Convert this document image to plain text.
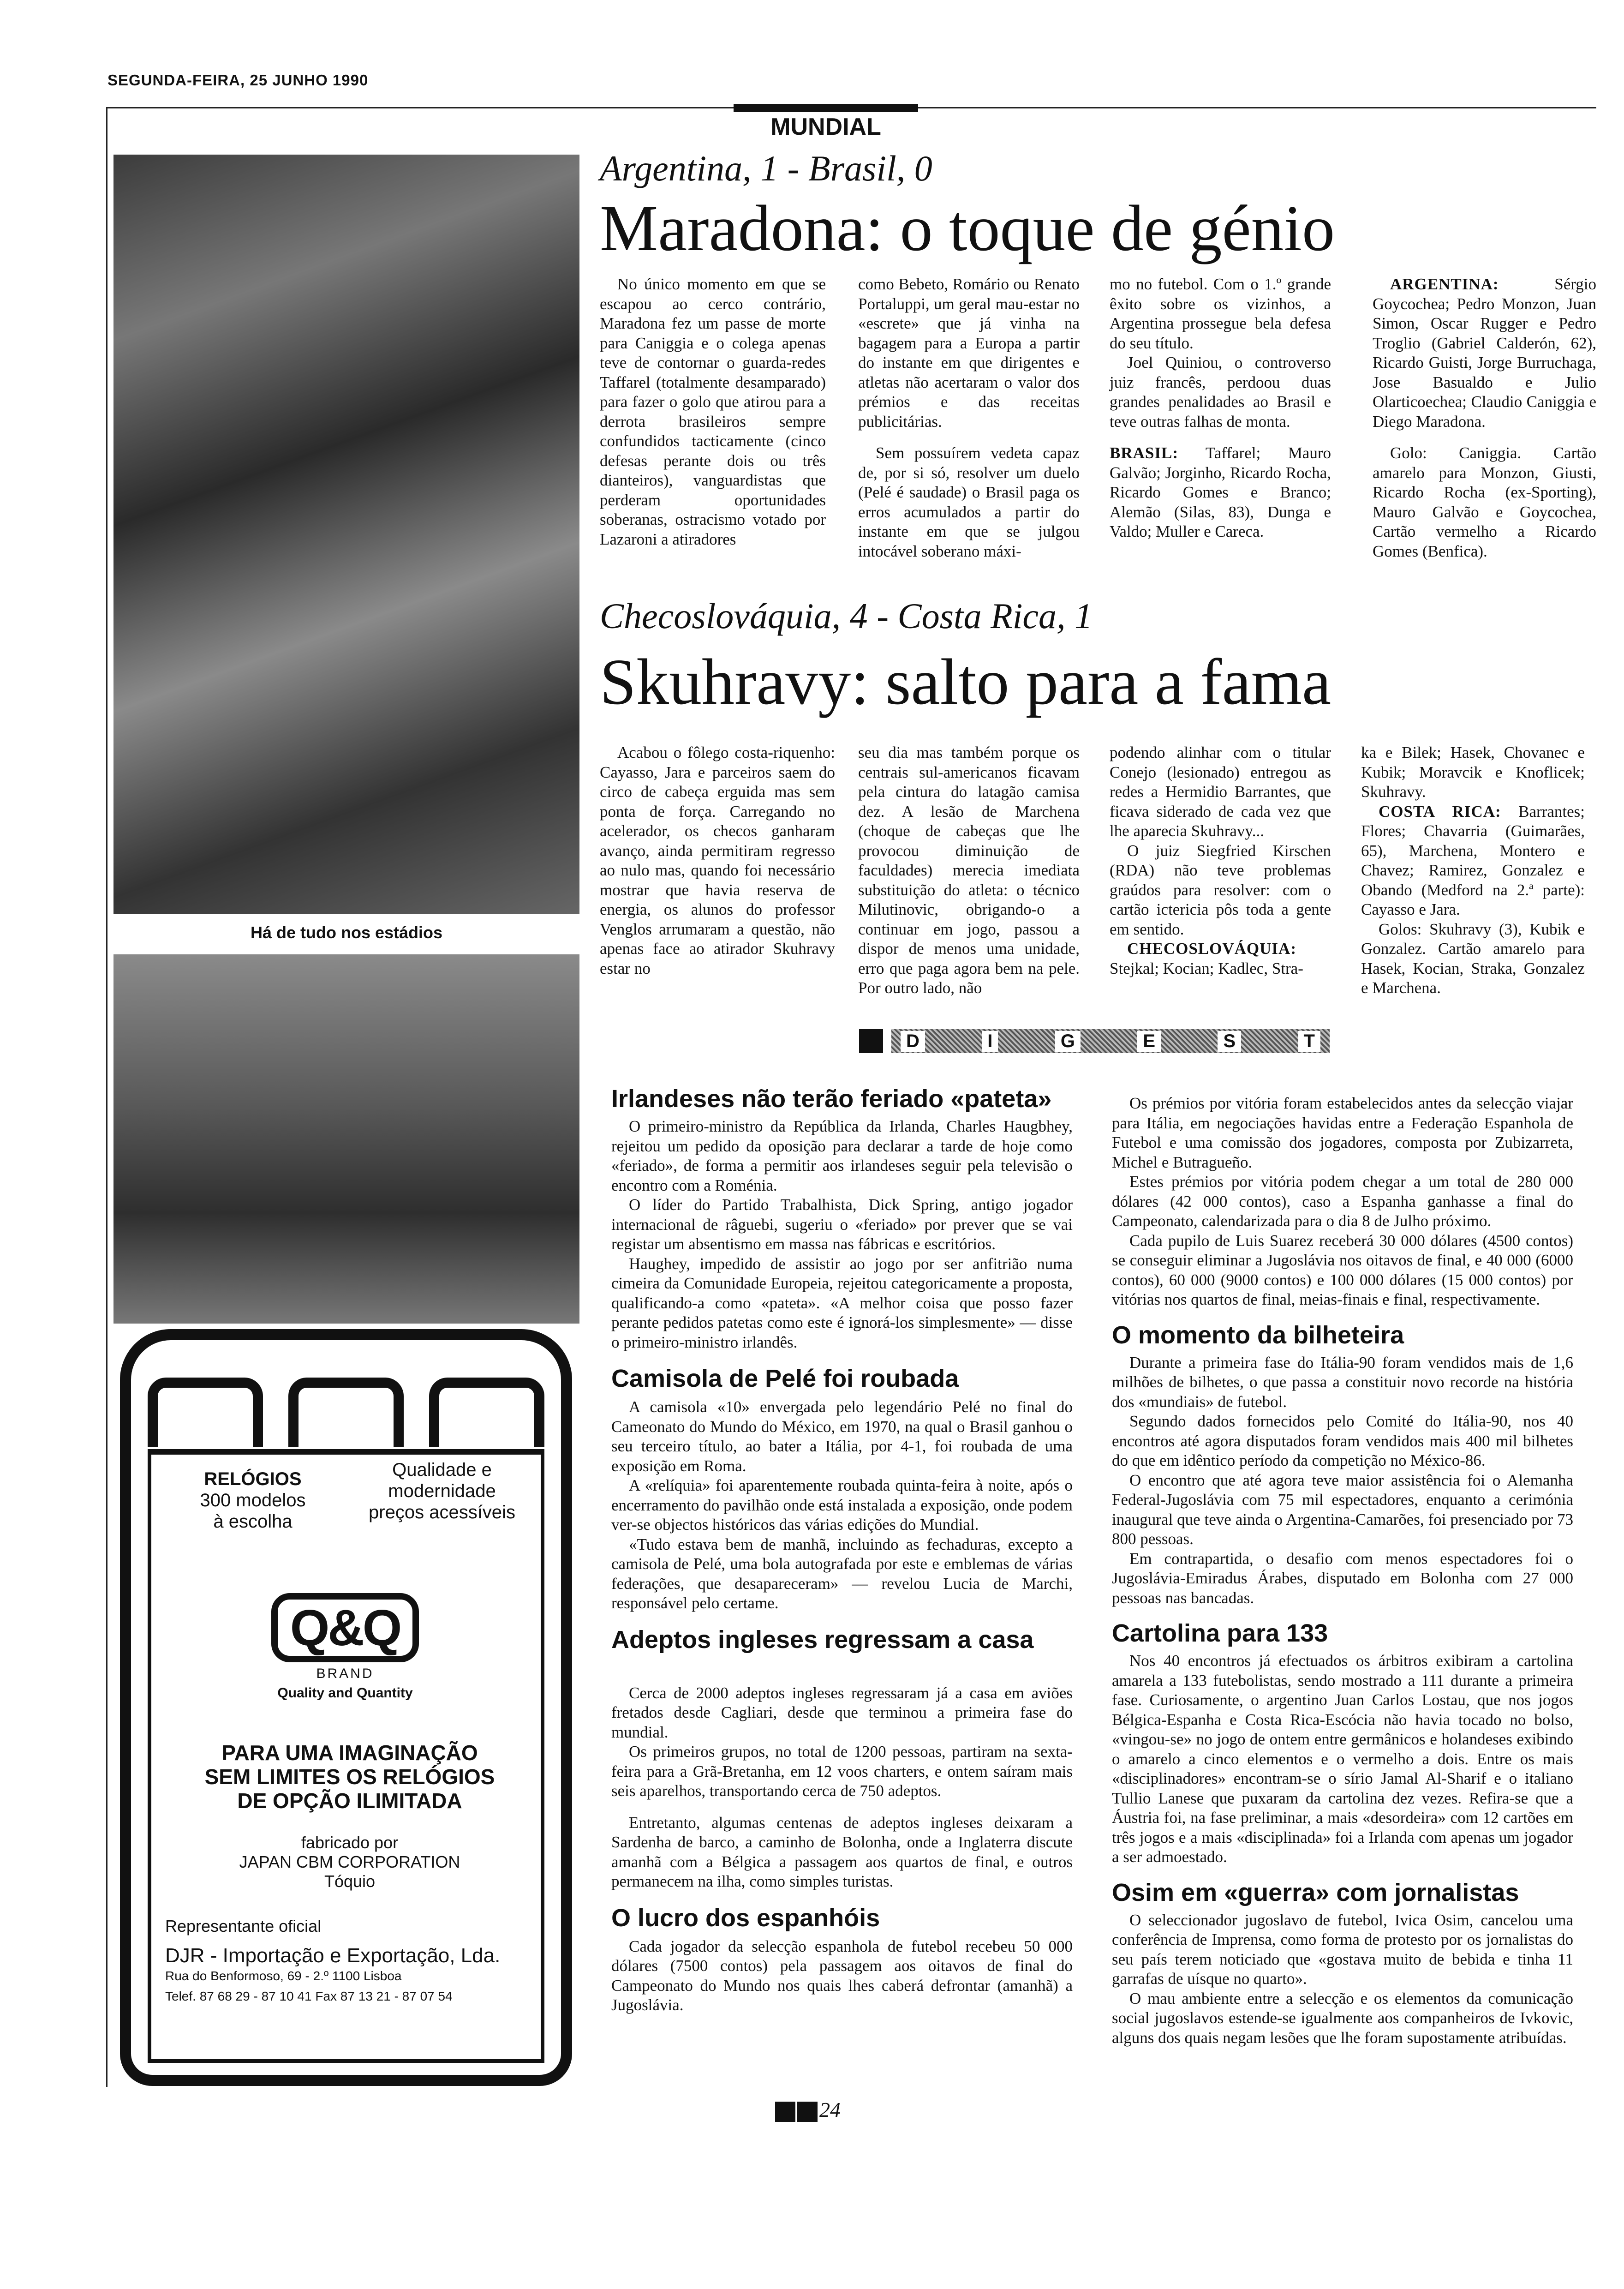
SEGUNDA-FEIRA, 25 JUNHO 1990
MUNDIAL
Há de tudo nos estádios
Argentina, 1 - Brasil, 0
Maradona: o toque de génio

No único momento em que se escapou ao cerco contrário, Maradona fez um passe de morte para Caniggia e o colega apenas teve de contornar o guarda-redes Taffarel (totalmente desamparado) para fazer o golo que atirou para a derrota brasileiros sempre confundidos tacticamente (cinco defesas perante dois ou três dianteiros), vanguardistas que perderam oportunidades soberanas, ostracismo votado por Lazaroni a atiradores

como Bebeto, Romário ou Renato Portaluppi, um geral mau-estar no «escrete» que já vinha na bagagem para a Europa a partir do instante em que dirigentes e atletas não acertaram o valor dos prémios e das receitas publicitárias.

Sem possuírem vedeta capaz de, por si só, resolver um duelo (Pelé é saudade) o Brasil paga os erros acumulados a partir do instante em que se julgou intocável soberano máxi-

mo no futebol. Com o 1.º grande êxito sobre os vizinhos, a Argentina prossegue bela defesa do seu título.

Joel Quiniou, o controverso juiz francês, perdoou duas grandes penalidades ao Brasil e teve outras falhas de monta.

BRASIL: Taffarel; Mauro Galvão; Jorginho, Ricardo Rocha, Ricardo Gomes e Branco; Alemão (Silas, 83), Dunga e Valdo; Muller e Careca.

ARGENTINA: Sérgio Goycochea; Pedro Monzon, Juan Simon, Oscar Rugger e Pedro Troglio (Gabriel Calderón, 62), Ricardo Guisti, Jorge Burruchaga, Jose Basualdo e Julio Olarticoechea; Claudio Caniggia e Diego Maradona.

Golo: Caniggia. Cartão amarelo para Monzon, Giusti, Ricardo Rocha (ex-Sporting), Mauro Galvão e Goycochea, Cartão vermelho a Ricardo Gomes (Benfica).

Checoslováquia, 4 - Costa Rica, 1
Skuhravy: salto para a fama

Acabou o fôlego costa-riquenho: Cayasso, Jara e parceiros saem do circo de cabeça erguida mas sem ponta de força. Carregando no acelerador, os checos ganharam avanço, ainda permitiram regresso ao nulo mas, quando foi necessário mostrar que havia reserva de energia, os alunos do professor Venglos arrumaram a questão, não apenas face ao atirador Skuhravy estar no

seu dia mas também porque os centrais sul-americanos ficavam pela cintura do latagão camisa dez. A lesão de Marchena (choque de cabeças que lhe provocou diminuição de faculdades) merecia imediata substituição do atleta: o técnico Milutinovic, obrigando-o a continuar em jogo, passou a dispor de menos uma unidade, erro que paga agora bem na pele. Por outro lado, não

podendo alinhar com o titular Conejo (lesionado) entregou as redes a Hermidio Barrantes, que ficava siderado de cada vez que lhe aparecia Skuhravy...

O juiz Siegfried Kirschen (RDA) não teve problemas graúdos para resolver: com o cartão ictericia pôs toda a gente em sentido.

CHECOSLOVÁQUIA: Stejkal; Kocian; Kadlec, Stra-

ka e Bilek; Hasek, Chovanec e Kubik; Moravcik e Knoflicek; Skuhravy.

COSTA RICA: Barrantes; Flores; Chavarria (Guimarães, 65), Marchena, Montero e Chavez; Ramirez, Gonzalez e Obando (Medford na 2.ª parte): Cayasso e Jara.

Golos: Skuhravy (3), Kubik e Gonzalez. Cartão amarelo para Hasek, Kocian, Straka, Gonzalez e Marchena.

D	I	G	E	S	T
Irlandeses não terão feriado «pateta»

O primeiro-ministro da República da Irlanda, Charles Haugbhey, rejeitou um pedido da oposição para declarar a tarde de hoje como «feriado», de forma a permitir aos irlandeses seguir pela televisão o encontro com a Roménia.

O líder do Partido Trabalhista, Dick Spring, antigo jogador internacional de râguebi, sugeriu o «feriado» por prever que se vai registar um absentismo em massa nas fábricas e escritórios.

Haughey, impedido de assistir ao jogo por ser anfitrião numa cimeira da Comunidade Europeia, rejeitou categoricamente a proposta, qualificando-a como «pateta». «A melhor coisa que posso fazer perante pedidos patetas como este é ignorá-los simplesmente» — disse o primeiro-ministro irlandês.

Camisola de Pelé foi roubada

A camisola «10» envergada pelo legendário Pelé no final do Cameonato do Mundo do México, em 1970, na qual o Brasil ganhou o seu terceiro título, ao bater a Itália, por 4-1, foi roubada de uma exposição em Roma.

A «relíquia» foi aparentemente roubada quinta-feira à noite, após o encerramento do pavilhão onde está instalada a exposição, onde podem ver-se objectos históricos das várias edições do Mundial.

«Tudo estava bem de manhã, incluindo as fechaduras, excepto a camisola de Pelé, uma bola autografada por este e emblemas de várias federações, que desapareceram» — revelou Lucia de Marchi, responsável pelo certame.

Adeptos ingleses regressam a casa

Cerca de 2000 adeptos ingleses regressaram já a casa em aviões fretados desde Cagliari, desde que terminou a primeira fase do mundial.

Os primeiros grupos, no total de 1200 pessoas, partiram na sexta-feira para a Grã-Bretanha, em 12 voos charters, e ontem saíram mais seis aparelhos, transportando cerca de 750 adeptos.

Entretanto, algumas centenas de adeptos ingleses deixaram a Sardenha de barco, a caminho de Bolonha, onde a Inglaterra discute amanhã com a Bélgica a passagem aos quartos de final, e outros permanecem na ilha, como simples turistas.

O lucro dos espanhóis

Cada jogador da selecção espanhola de futebol recebeu 50 000 dólares (7500 contos) pela passagem aos oitavos de final do Campeonato do Mundo nos quais lhes caberá defrontar (amanhã) a Jugoslávia.

Os prémios por vitória foram estabelecidos antes da selecção viajar para Itália, em negociações havidas entre a Federação Espanhola de Futebol e uma comissão dos jogadores, composta por Zubizarreta, Michel e Butragueño.

Estes prémios por vitória podem chegar a um total de 280 000 dólares (42 000 contos), caso a Espanha ganhasse a final do Campeonato, calendarizada para o dia 8 de Julho próximo.

Cada pupilo de Luis Suarez receberá 30 000 dólares (4500 contos) se conseguir eliminar a Jugoslávia nos oitavos de final, e 40 000 (6000 contos), 60 000 (9000 contos) e 100 000 dólares (15 000 contos) por vitórias nos quartos de final, meias-finais e final, respectivamente.

O momento da bilheteira

Durante a primeira fase do Itália-90 foram vendidos mais de 1,6 milhões de bilhetes, o que passa a constituir novo recorde na história dos «mundiais» de futebol.

Segundo dados fornecidos pelo Comité do Itália-90, nos 40 encontros até agora disputados foram vendidos mais 400 mil bilhetes do que em idêntico período da competição no México-86.

O encontro que até agora teve maior assistência foi o Alemanha Federal-Jugoslávia com 75 mil espectadores, enquanto a cerimónia inaugural que teve ainda o Argentina-Camarões, foi presenciado por 73 800 pessoas.

Em contrapartida, o desafio com menos espectadores foi o Jugoslávia-Emiradus Árabes, disputado em Bolonha com 27 000 pessoas nas bancadas.

Cartolina para 133

Nos 40 encontros já efectuados os árbitros exibiram a cartolina amarela a 133 futebolistas, sendo mostrado a 111 durante a primeira fase. Curiosamente, o argentino Juan Carlos Lostau, que nos jogos Bélgica-Espanha e Costa Rica-Escócia não havia tocado no bolso, «vingou-se» no jogo de ontem entre germânicos e holandeses exibindo o amarelo a cinco elementos e o vermelho a dois. Entre os mais «disciplinadores» encontram-se o sírio Jamal Al-Sharif e o italiano Tullio Lanese que puxaram da cartolina dez vezes. Refira-se que a Áustria foi, na fase preliminar, a mais «desordeira» com 12 cartões em três jogos e a mais «disciplinada» foi a Irlanda com apenas um jogador a ser admoestado.

Osim em «guerra» com jornalistas

O seleccionador jugoslavo de futebol, Ivica Osim, cancelou uma conferência de Imprensa, como forma de protesto por os jornalistas do seu país terem noticiado que «gostava muito de bebida e tinha 11 garrafas de uísque no quarto».

O mau ambiente entre a selecção e os elementos da comunicação social jugoslavos estende-se igualmente aos companheiros de Ivkovic, alguns dos quais negam lesões que lhe foram supostamente atribuídas.

RELÓGIOS
300 modelos
à escolha
Qualidade e
modernidade
preços acessíveis
Q&Q
BRAND
Quality and Quantity
PARA UMA IMAGINAÇÃO
SEM LIMITES OS RELÓGIOS
DE OPÇÃO ILIMITADA
fabricado por
JAPAN CBM CORPORATION
Tóquio
Representante oficial
DJR - Importação e Exportação, Lda.
Rua do Benformoso, 69 - 2.º 1100 Lisboa
Telef. 87 68 29 - 87 10 41 Fax 87 13 21 - 87 07 54
24
